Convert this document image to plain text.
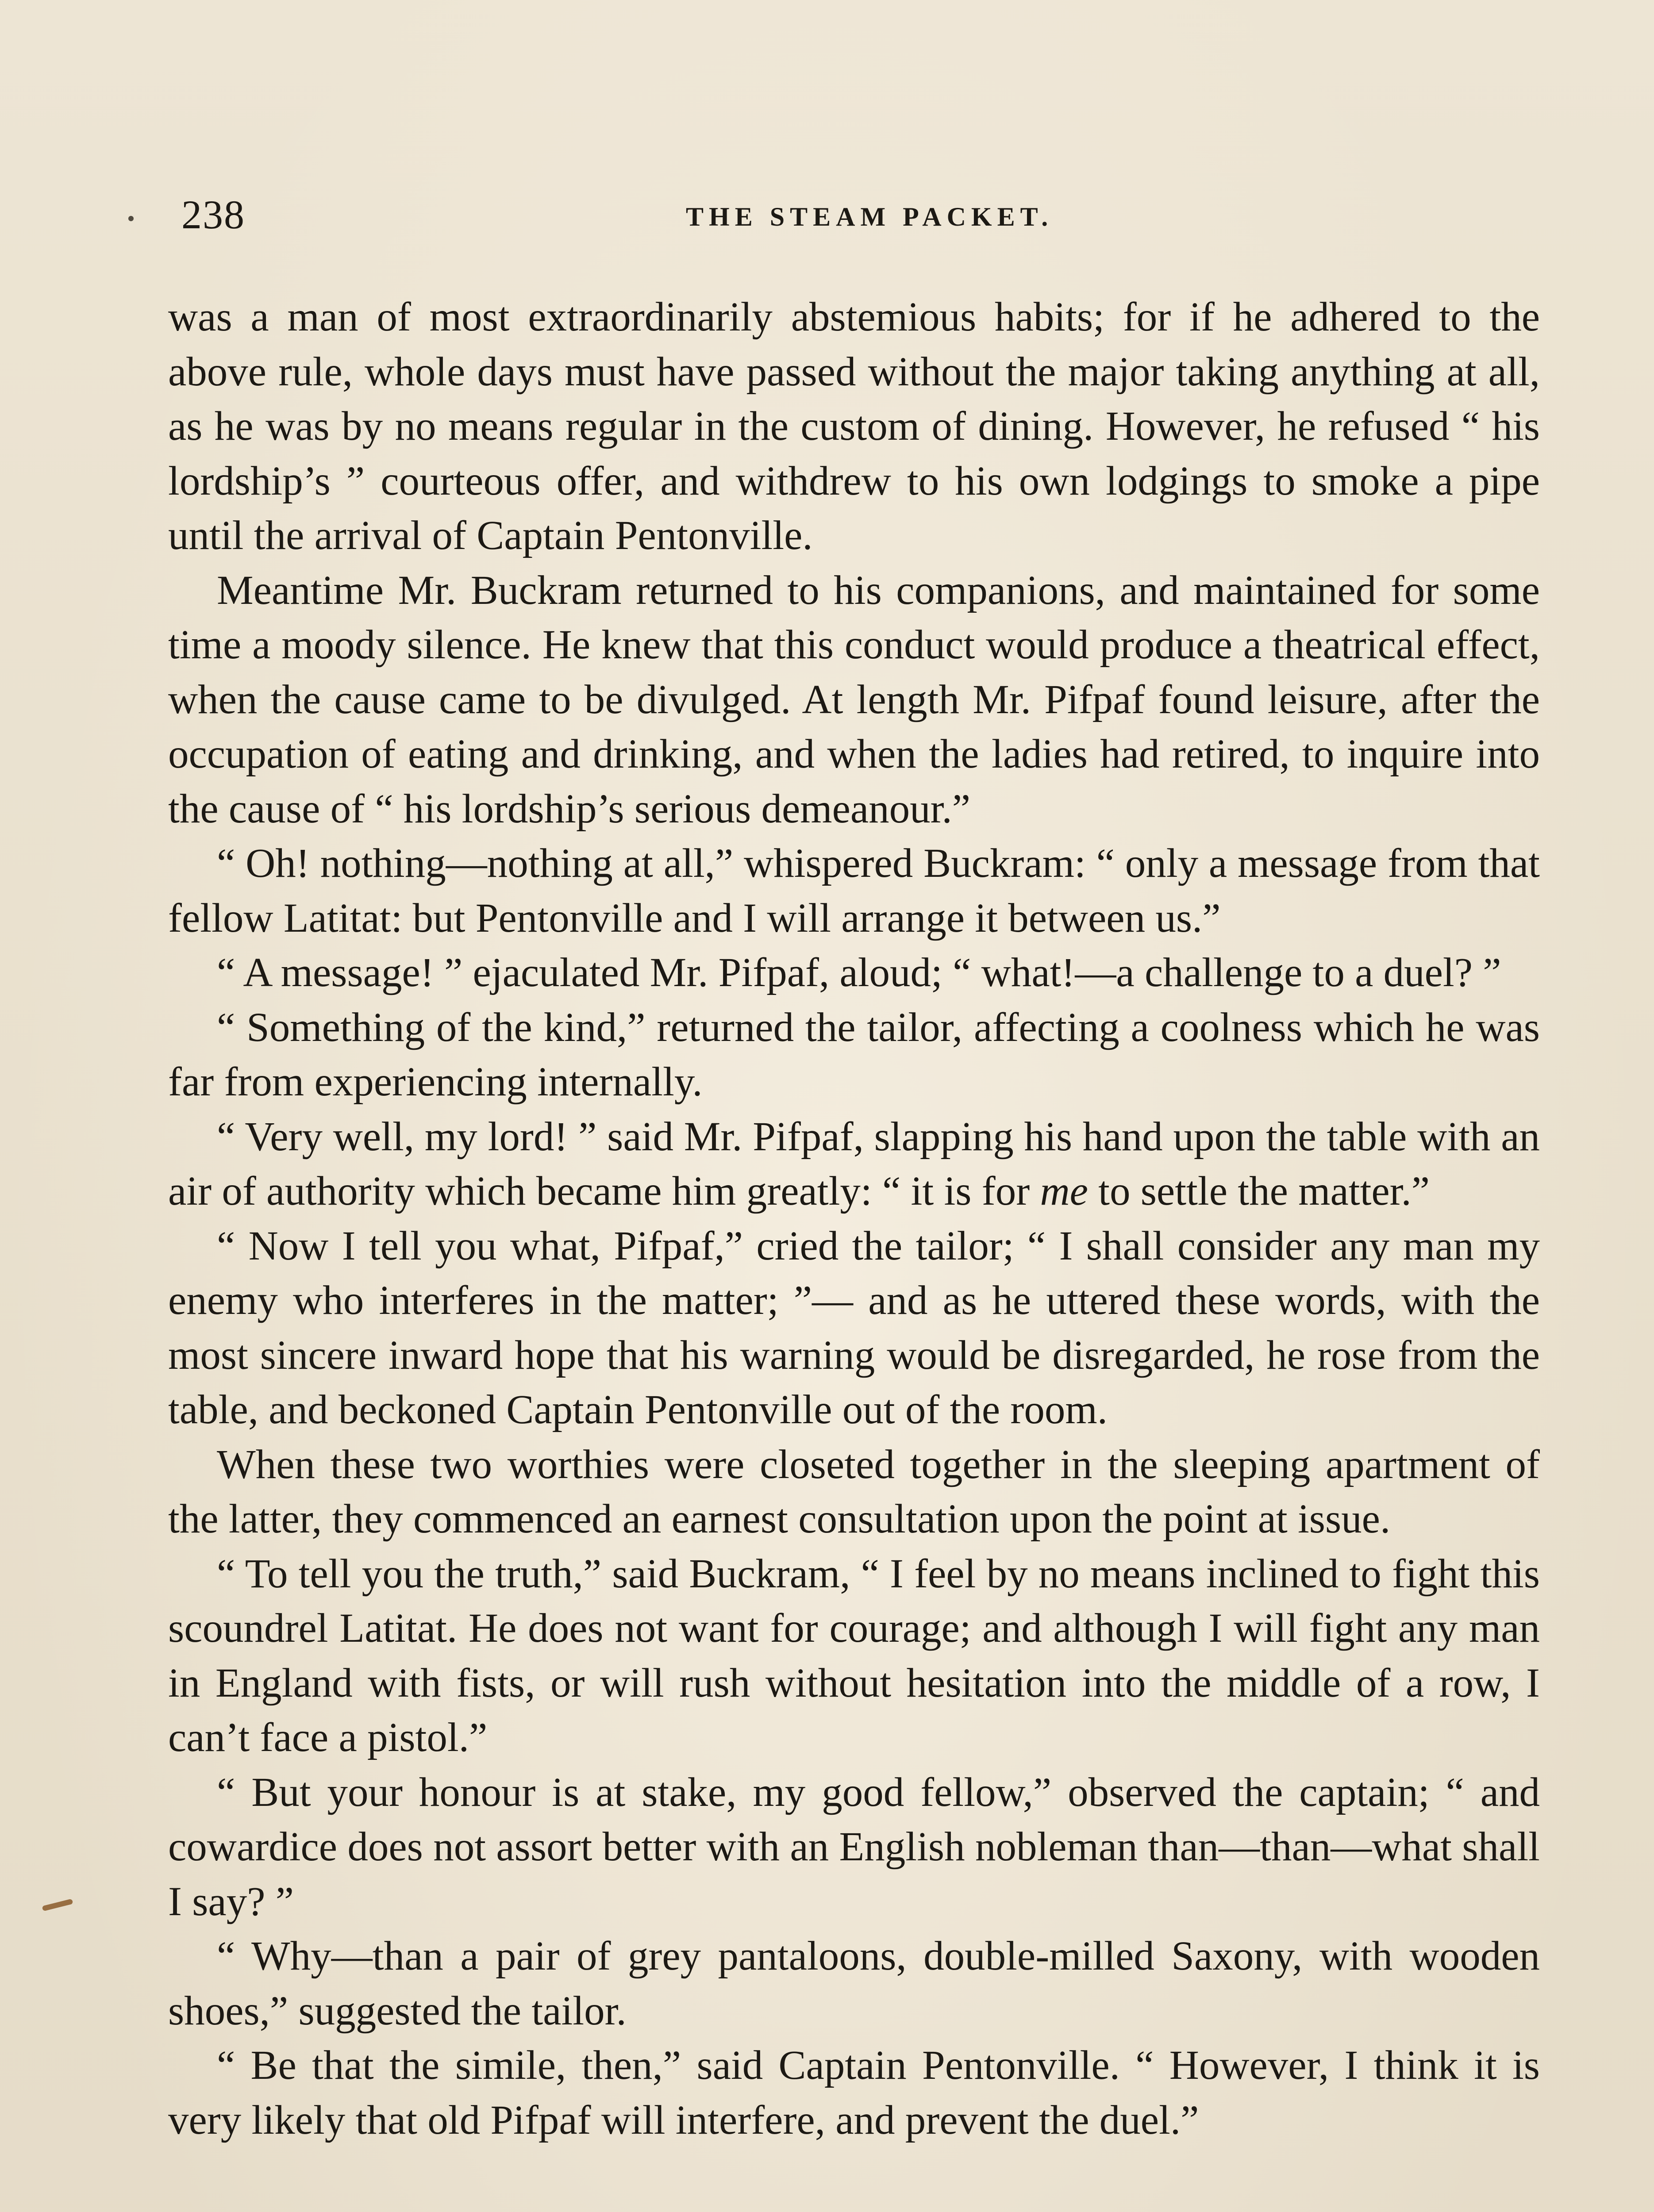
238	THE STEAM PACKET.

was a man of most extraordinarily abstemious habits; for if he adhered to the above rule, whole days must have passed without the major taking anything at all, as he was by no means regular in the custom of dining. However, he refused “ his lordship’s ” courteous offer, and withdrew to his own lodgings to smoke a pipe until the arrival of Captain Pentonville.

Meantime Mr. Buckram returned to his companions, and maintained for some time a moody silence. He knew that this conduct would produce a theatrical effect, when the cause came to be divulged. At length Mr. Pifpaf found leisure, after the occupation of eating and drinking, and when the ladies had retired, to inquire into the cause of “ his lordship’s serious demeanour.”

“ Oh! nothing—nothing at all,” whispered Buckram: “ only a message from that fellow Latitat: but Pentonville and I will arrange it between us.”

“ A message! ” ejaculated Mr. Pifpaf, aloud; “ what!—a challenge to a duel? ”

“ Something of the kind,” returned the tailor, affecting a coolness which he was far from experiencing internally.

“ Very well, my lord! ” said Mr. Pifpaf, slapping his hand upon the table with an air of authority which became him greatly: “ it is for me to settle the matter.”

“ Now I tell you what, Pifpaf,” cried the tailor; “ I shall consider any man my enemy who interferes in the matter; ”— and as he uttered these words, with the most sincere inward hope that his warning would be disregarded, he rose from the table, and beckoned Captain Pentonville out of the room.

When these two worthies were closeted together in the sleeping apartment of the latter, they commenced an earnest consultation upon the point at issue.

“ To tell you the truth,” said Buckram, “ I feel by no means inclined to fight this scoundrel Latitat. He does not want for courage; and although I will fight any man in England with fists, or will rush without hesitation into the middle of a row, I can’t face a pistol.”

“ But your honour is at stake, my good fellow,” observed the captain; “ and cowardice does not assort better with an English nobleman than—than—what shall I say? ”

“ Why—than a pair of grey pantaloons, double-milled Saxony, with wooden shoes,” suggested the tailor.

“ Be that the simile, then,” said Captain Pentonville. “ However, I think it is very likely that old Pifpaf will interfere, and prevent the duel.”
